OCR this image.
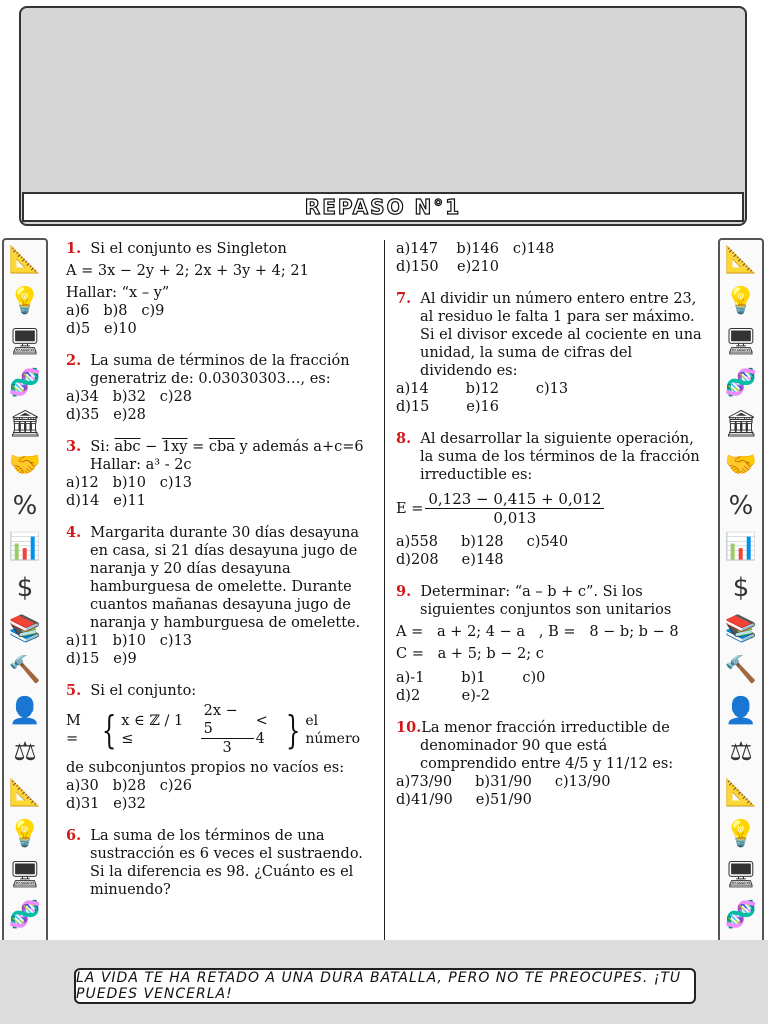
REPASO N°1
📐
💡
🖥
🧬
🏛
🤝
%
📊
$
📚
🔨
👤
⚖
📐
💡
🖥
🧬
📐
💡
🖥
🧬
🏛
🤝
%
📊
$
📚
🔨
👤
⚖
📐
💡
🖥
🧬
1. Si el conjunto es Singleton
A = 3x − 2y + 2; 2x + 3y + 4; 21
Hallar: “x – y”
a)6   b)8   c)9
d)5   e)10
2. La suma de términos de la fracción generatriz de: 0.03030303…, es:
a)34   b)32   c)28
d)35   e)28
3. Si: $\overline{abc} - 1xy = \overline{cba}$ y además a+c=6
Hallar: a³ - 2c
a)12   b)10   c)13
d)14   e)11
4. Margarita durante 30 días desayuna en casa, si 21 días desayuna jugo de naranja y 20 días desayuna hamburguesa de omelette. Durante cuantos mañanas desayuna jugo de naranja y hamburguesa de omelette.
a)11   b)10   c)13
d)15   e)9
5. Si el conjunto:
M = { x ∈ ℤ ∕ 1 ≤	$\frac{2x - 5}{3} < 4$ } el número
de subconjuntos propios no vacíos es:
a)30   b)28   c)26
d)31   e)32
6. La suma de los términos de una sustracción es 6 veces el sustraendo. Si la diferencia es 98. ¿Cuánto es el minuendo?
a)147    b)146   c)148
d)150    e)210
7. Al dividir un número entero entre 23, al residuo le falta 1 para ser máximo. Si el divisor excede al cociente en una unidad, la suma de cifras del dividendo es:
a)14        b)12        c)13
d)15        e)16
8. Al desarrollar la siguiente operación, la suma de los términos de la fracción irreductible es:
$E = \frac{0,123 - 0,415 + 0,012}{0,013}$
a)558     b)128     c)540
d)208     e)148
9. Determinar: “a – b + c”. Si los siguientes conjuntos son unitarios
A =   a + 2; 4 − a   , B =   8 − b; b − 8
C =   a + 5; b − 2; c
a)-1        b)1        c)0
d)2         e)-2
10.La menor fracción irreductible de denominador 90 que está comprendido entre 4/5 y 11/12 es:
a)73/90     b)31/90     c)13/90
d)41/90     e)51/90
LA VIDA TE HA RETADO A UNA DURA BATALLA, PERO NO TE PREOCUPES. ¡TÚ PUEDES VENCERLA!
